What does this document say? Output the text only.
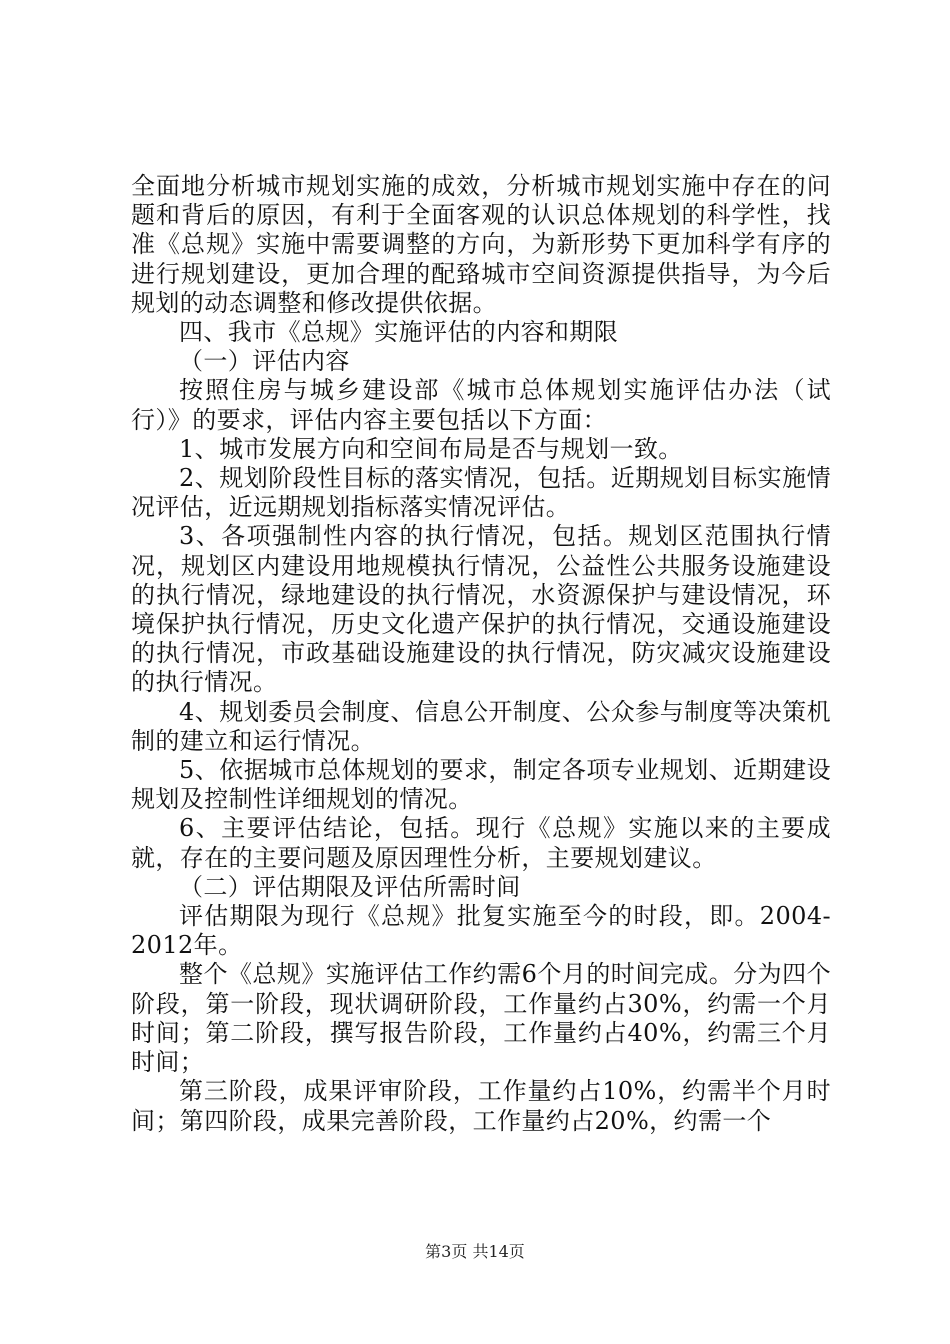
全面地分析城市规划实施的成效，分析城市规划实施中存在的问题和背后的原因，有利于全面客观的认识总体规划的科学性，找准《总规》实施中需要调整的方向，为新形势下更加科学有序的进行规划建设，更加合理的配臵城市空间资源提供指导，为今后规划的动态调整和修改提供依据。

四、我市《总规》实施评估的内容和期限

（一）评估内容

按照住房与城乡建设部《城市总体规划实施评估办法（试行）》的要求，评估内容主要包括以下方面：

1、城市发展方向和空间布局是否与规划一致。

2、规划阶段性目标的落实情况，包括。近期规划目标实施情况评估，近远期规划指标落实情况评估。

3、各项强制性内容的执行情况，包括。规划区范围执行情况，规划区内建设用地规模执行情况，公益性公共服务设施建设的执行情况，绿地建设的执行情况，水资源保护与建设情况，环境保护执行情况，历史文化遗产保护的执行情况，交通设施建设的执行情况，市政基础设施建设的执行情况，防灾减灾设施建设的执行情况。

4、规划委员会制度、信息公开制度、公众参与制度等决策机制的建立和运行情况。

5、依据城市总体规划的要求，制定各项专业规划、近期建设规划及控制性详细规划的情况。

6、主要评估结论，包括。现行《总规》实施以来的主要成就，存在的主要问题及原因理性分析，主要规划建议。

（二）评估期限及评估所需时间

评估期限为现行《总规》批复实施至今的时段，即。2004-2012年。

整个《总规》实施评估工作约需6个月的时间完成。分为四个阶段，第一阶段，现状调研阶段，工作量约占30%，约需一个月时间；第二阶段，撰写报告阶段，工作量约占40%，约需三个月时间；

第三阶段，成果评审阶段，工作量约占10%，约需半个月时间；第四阶段，成果完善阶段，工作量约占20%，约需一个

第3页 共14页
